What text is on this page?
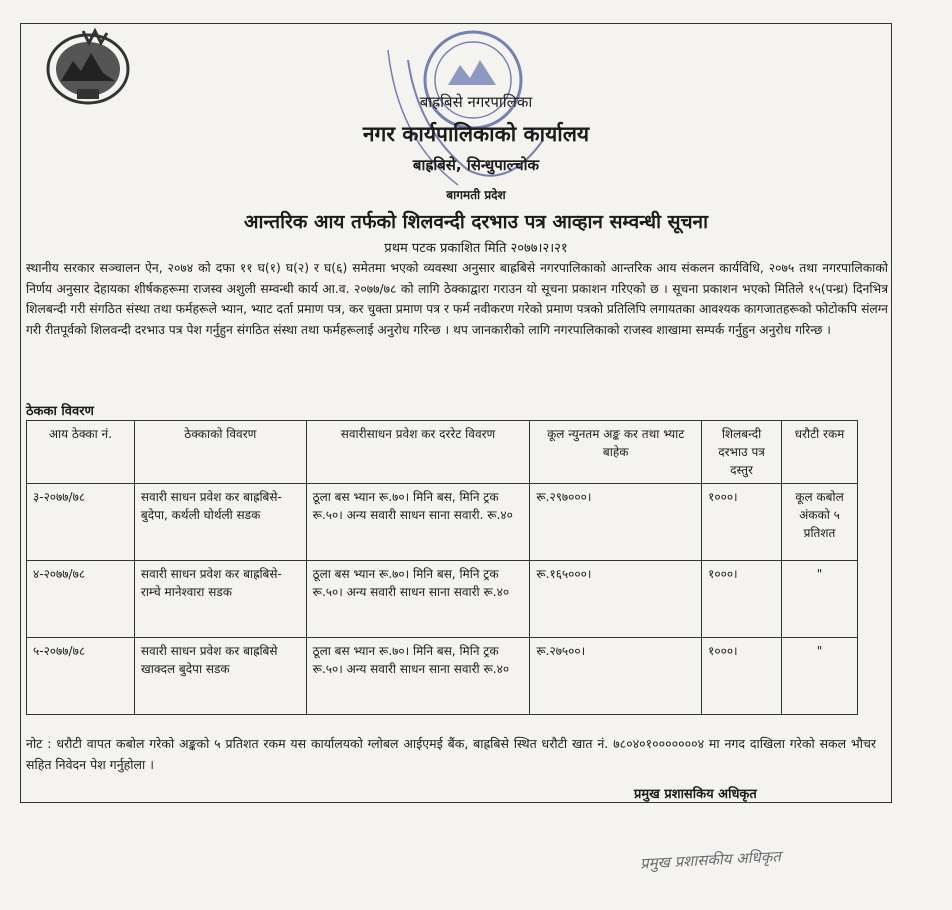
बाह्रबिसे नगरपालिका
नगर कार्यपालिकाको कार्यालय
बाह्रबिसे, सिन्धुपाल्चोक
बागमती प्रदेश
आन्तरिक आय तर्फको शिलवन्दी दरभाउ पत्र आव्हान सम्वन्धी सूचना
प्रथम पटक प्रकाशित मिति २०७७।२।२१
स्थानीय सरकार सञ्चालन ऐन, २०७४ को दफा ११ घ(१) घ(२) र घ(६) समेतमा भएको व्यवस्था अनुसार बाह्रबिसे नगरपालिकाको आन्तरिक आय संकलन कार्यविधि, २०७५ तथा नगरपालिकाको निर्णय अनुसार देहायका शीर्षकहरूमा राजस्व अशुली सम्वन्धी कार्य आ.व. २०७७/७८ को लागि ठेक्काद्वारा गराउन यो सूचना प्रकाशन गरिएको छ । सूचना प्रकाशन भएको मितिले १५(पन्ध्र) दिनभित्र शिलबन्दी गरी संगठित संस्था तथा फर्महरूले भ्यान, भ्याट दर्ता प्रमाण पत्र, कर चुक्ता प्रमाण पत्र र फर्म नवीकरण गरेको प्रमाण पत्रको प्रतिलिपि लगायतका आवश्यक कागजातहरूको फोटोकपि संलग्न गरी रीतपूर्वको शिलवन्दी दरभाउ पत्र पेश गर्नुहुन संगठित संस्था तथा फर्महरूलाई अनुरोध गरिन्छ । थप जानकारीको लागि नगरपालिकाको राजस्व शाखामा सम्पर्क गर्नुहुन अनुरोध गरिन्छ ।
ठेकका विवरण
आय ठेक्का नं.	ठेक्काको विवरण	सवारीसाधन प्रवेश कर दररेट विवरण	कूल न्युनतम अङ्क कर तथा भ्याट बाहेक	शिलबन्दी दरभाउ पत्र दस्तुर	धरौटी रकम
३-२०७७/७८	सवारी साधन प्रवेश कर बाह्रबिसे-बुदेपा, कर्थली घोर्थली सडक	ठूला बस भ्यान रू.७०। मिनि बस, मिनि ट्रक रू.५०। अन्य सवारी साधन साना सवारी. रू.४०	रू.२९७०००।	१०००।	कूल कबोल अंकको ५ प्रतिशत
४-२०७७/७८	सवारी साधन प्रवेश कर बाह्रबिसे-राम्चे मानेश्वारा सडक	ठूला बस भ्यान रू.७०। मिनि बस, मिनि ट्रक रू.५०। अन्य सवारी साधन साना सवारी रू.४०	रू.१६५०००।	१०००।	"
५-२०७७/७८	सवारी साधन प्रवेश कर बाह्रबिसे खाक्दल बुदेपा सडक	ठूला बस भ्यान रू.७०। मिनि बस, मिनि ट्रक रू.५०। अन्य सवारी साधन साना सवारी रू.४०	रू.२७५००।	१०००।	"
नोट : धरौटी वापत कबोल गरेको अङ्कको ५ प्रतिशत रकम यस कार्यालयको ग्लोबल आईएमई बैंक, बाह्रबिसे स्थित धरौटी खात नं. ७८०४०१०००००००४ मा नगद दाखिला गरेको सकल भौचर सहित निवेदन पेश गर्नुहोला ।
प्रमुख प्रशासकिय अधिकृत
प्रमुख प्रशासकीय अधिकृत
